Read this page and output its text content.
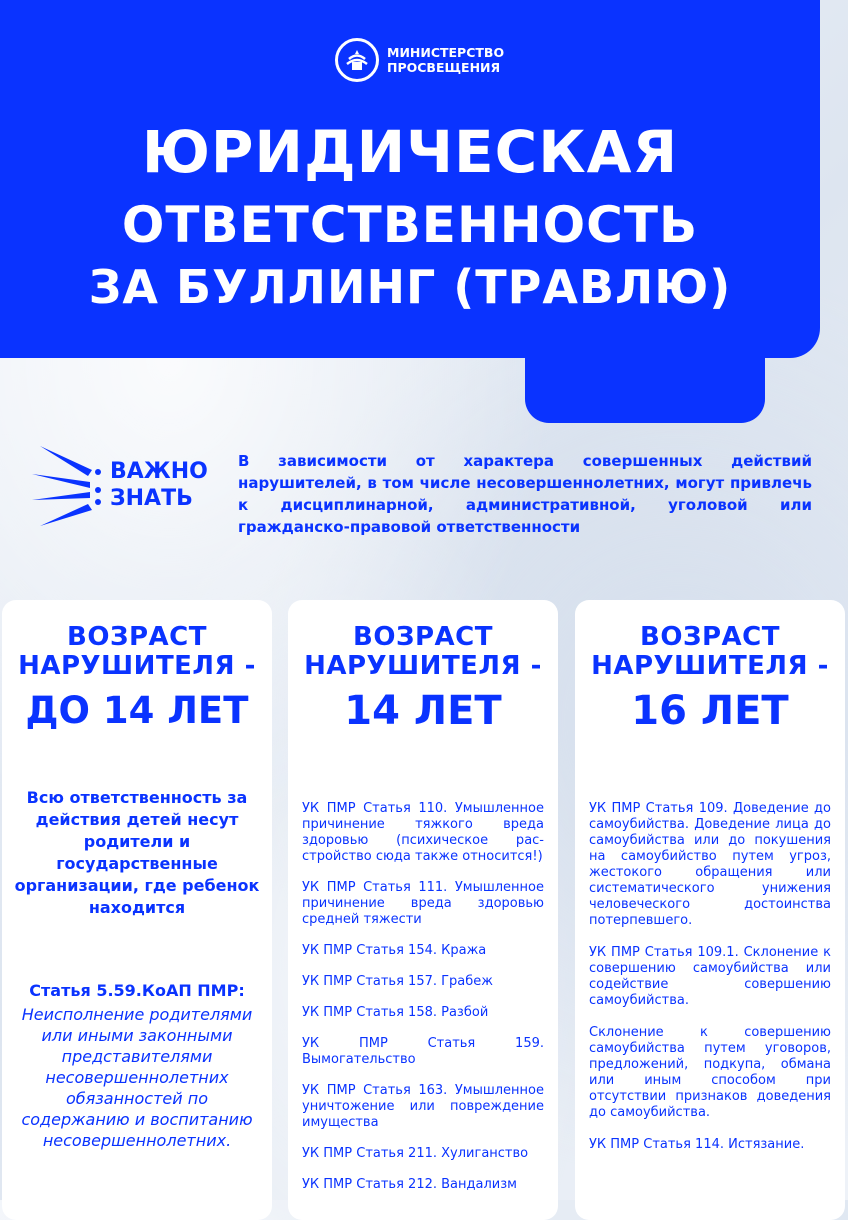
МИНИСТЕРСТВО
ПРОСВЕЩЕНИЯ
ЮРИДИЧЕСКАЯ
ОТВЕТСТВЕННОСТЬ
ЗА БУЛЛИНГ (ТРАВЛЮ)
ВАЖНО
ЗНАТЬ

В зависимости от характера совершенных действий нарушителей, в том числе несовершеннолетних, могут привлечь к дисциплинарной, административной, уголовой или гражданско-правовой ответственности

ВОЗРАСТ НАРУШИТЕЛЯ -

ДО 14 ЛЕТ

Всю ответственность за действия детей несут родители и государственные организации, где ребенок находится

Статья 5.59.КоАП ПМР:

Неисполнение родителями или иными законными представителями несовершеннолетних обязанностей по содержанию и воспитанию несовершеннолетних.

ВОЗРАСТ НАРУШИТЕЛЯ -

14 ЛЕТ

УК ПМР Статья 110. Умышленное причинение тяжкого вреда здоровью (психическое рас-стройство сюда также относится!)
УК ПМР Статья 111. Умышленное причинение вреда здоровью средней тяжести
УК ПМР Статья 154. Кража
УК ПМР Статья 157. Грабеж
УК ПМР Статья 158. Разбой
УК ПМР Статья 159. Вымогательство
УК ПМР Статья 163. Умышленное уничтожение или повреждение имущества
УК ПМР Статья 211. Хулиганство
УК ПМР Статья 212. Вандализм

ВОЗРАСТ НАРУШИТЕЛЯ -

16 ЛЕТ

УК ПМР Статья 109. Доведение до самоубийства. Доведение лица до самоубийства или до покушения на самоубийство путем угроз, жестокого обращения или систематического унижения человеческого достоинства потерпевшего.
УК ПМР Статья 109.1. Склонение к совершению самоубийства или содействие совершению самоубийства.
Склонение к совершению самоубийства путем уговоров, предложений, подкупа, обмана или иным способом при отсутствии признаков доведения до самоубийства.
УК ПМР Статья 114. Истязание.
